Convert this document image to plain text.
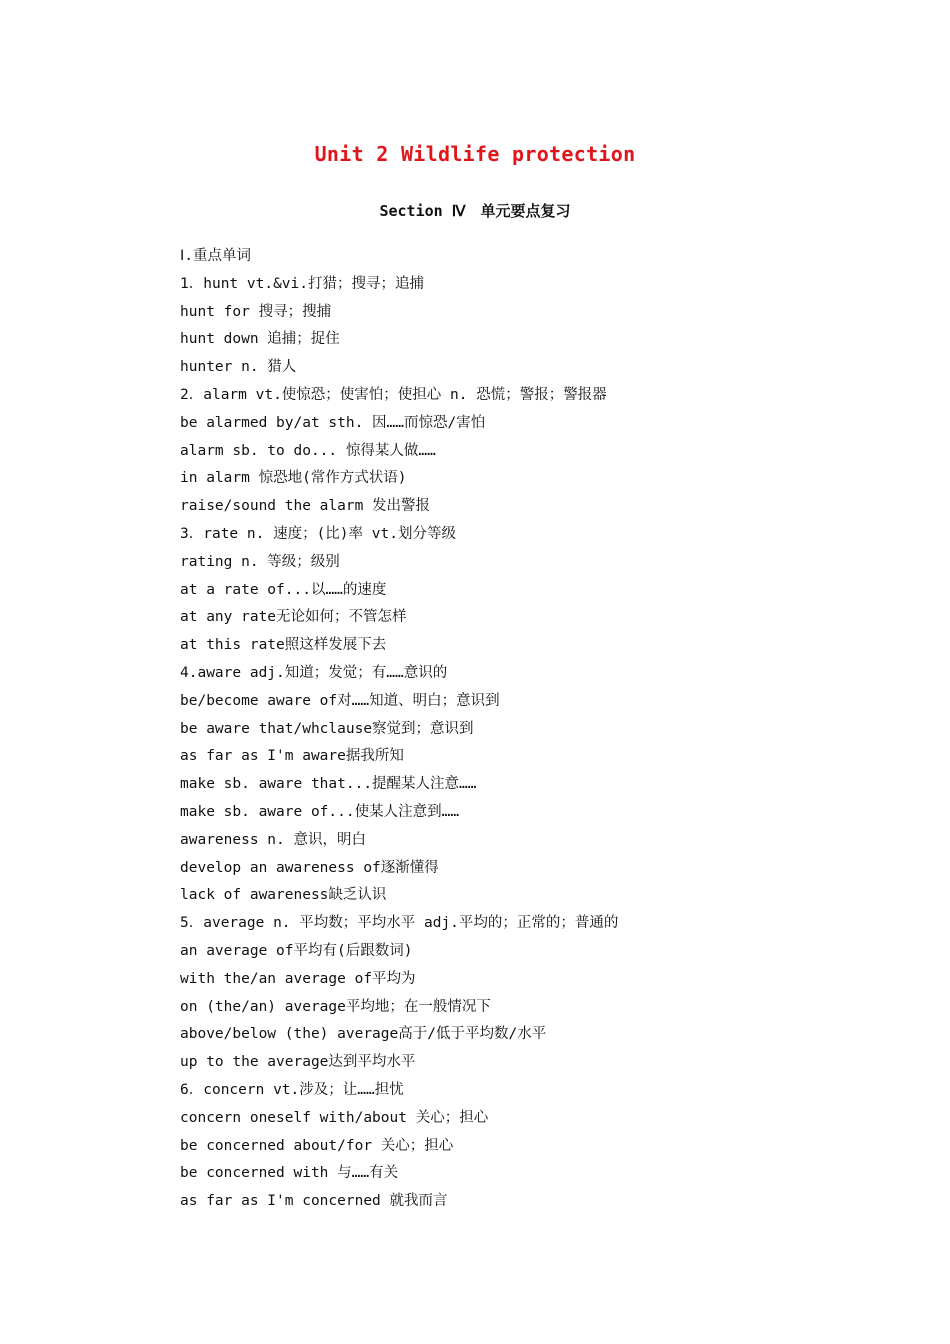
Unit 2 Wildlife protection
Section Ⅳ　单元要点复习
Ⅰ.重点单词
1．hunt vt.&vi.打猎；搜寻；追捕
hunt for 搜寻；搜捕
hunt down 追捕；捉住
hunter n. 猎人
2．alarm vt.使惊恐；使害怕；使担心 n. 恐慌；警报；警报器
be alarmed by/at sth. 因……而惊恐/害怕
alarm sb. to do... 惊得某人做……
in alarm 惊恐地(常作方式状语)
raise/sound the alarm 发出警报
3．rate n. 速度；(比)率 vt.划分等级
rating n. 等级；级别
at a rate of...以……的速度
at any rate无论如何；不管怎样
at this rate照这样发展下去
4.aware adj.知道；发觉；有……意识的
be/become aware of对……知道、明白；意识到
be aware that/whclause察觉到；意识到
as far as I'm aware据我所知
make sb. aware that...提醒某人注意……
make sb. aware of...使某人注意到……
awareness n. 意识，明白
develop an awareness of逐渐懂得
lack of awareness缺乏认识
5．average n. 平均数；平均水平 adj.平均的；正常的；普通的
an average of平均有(后跟数词)
with the/an average of平均为
on (the/an) average平均地；在一般情况下
above/below (the) average高于/低于平均数/水平
up to the average达到平均水平
6．concern vt.涉及；让……担忧
concern oneself with/about 关心；担心
be concerned about/for 关心；担心
be concerned with 与……有关
as far as I'm concerned 就我而言
